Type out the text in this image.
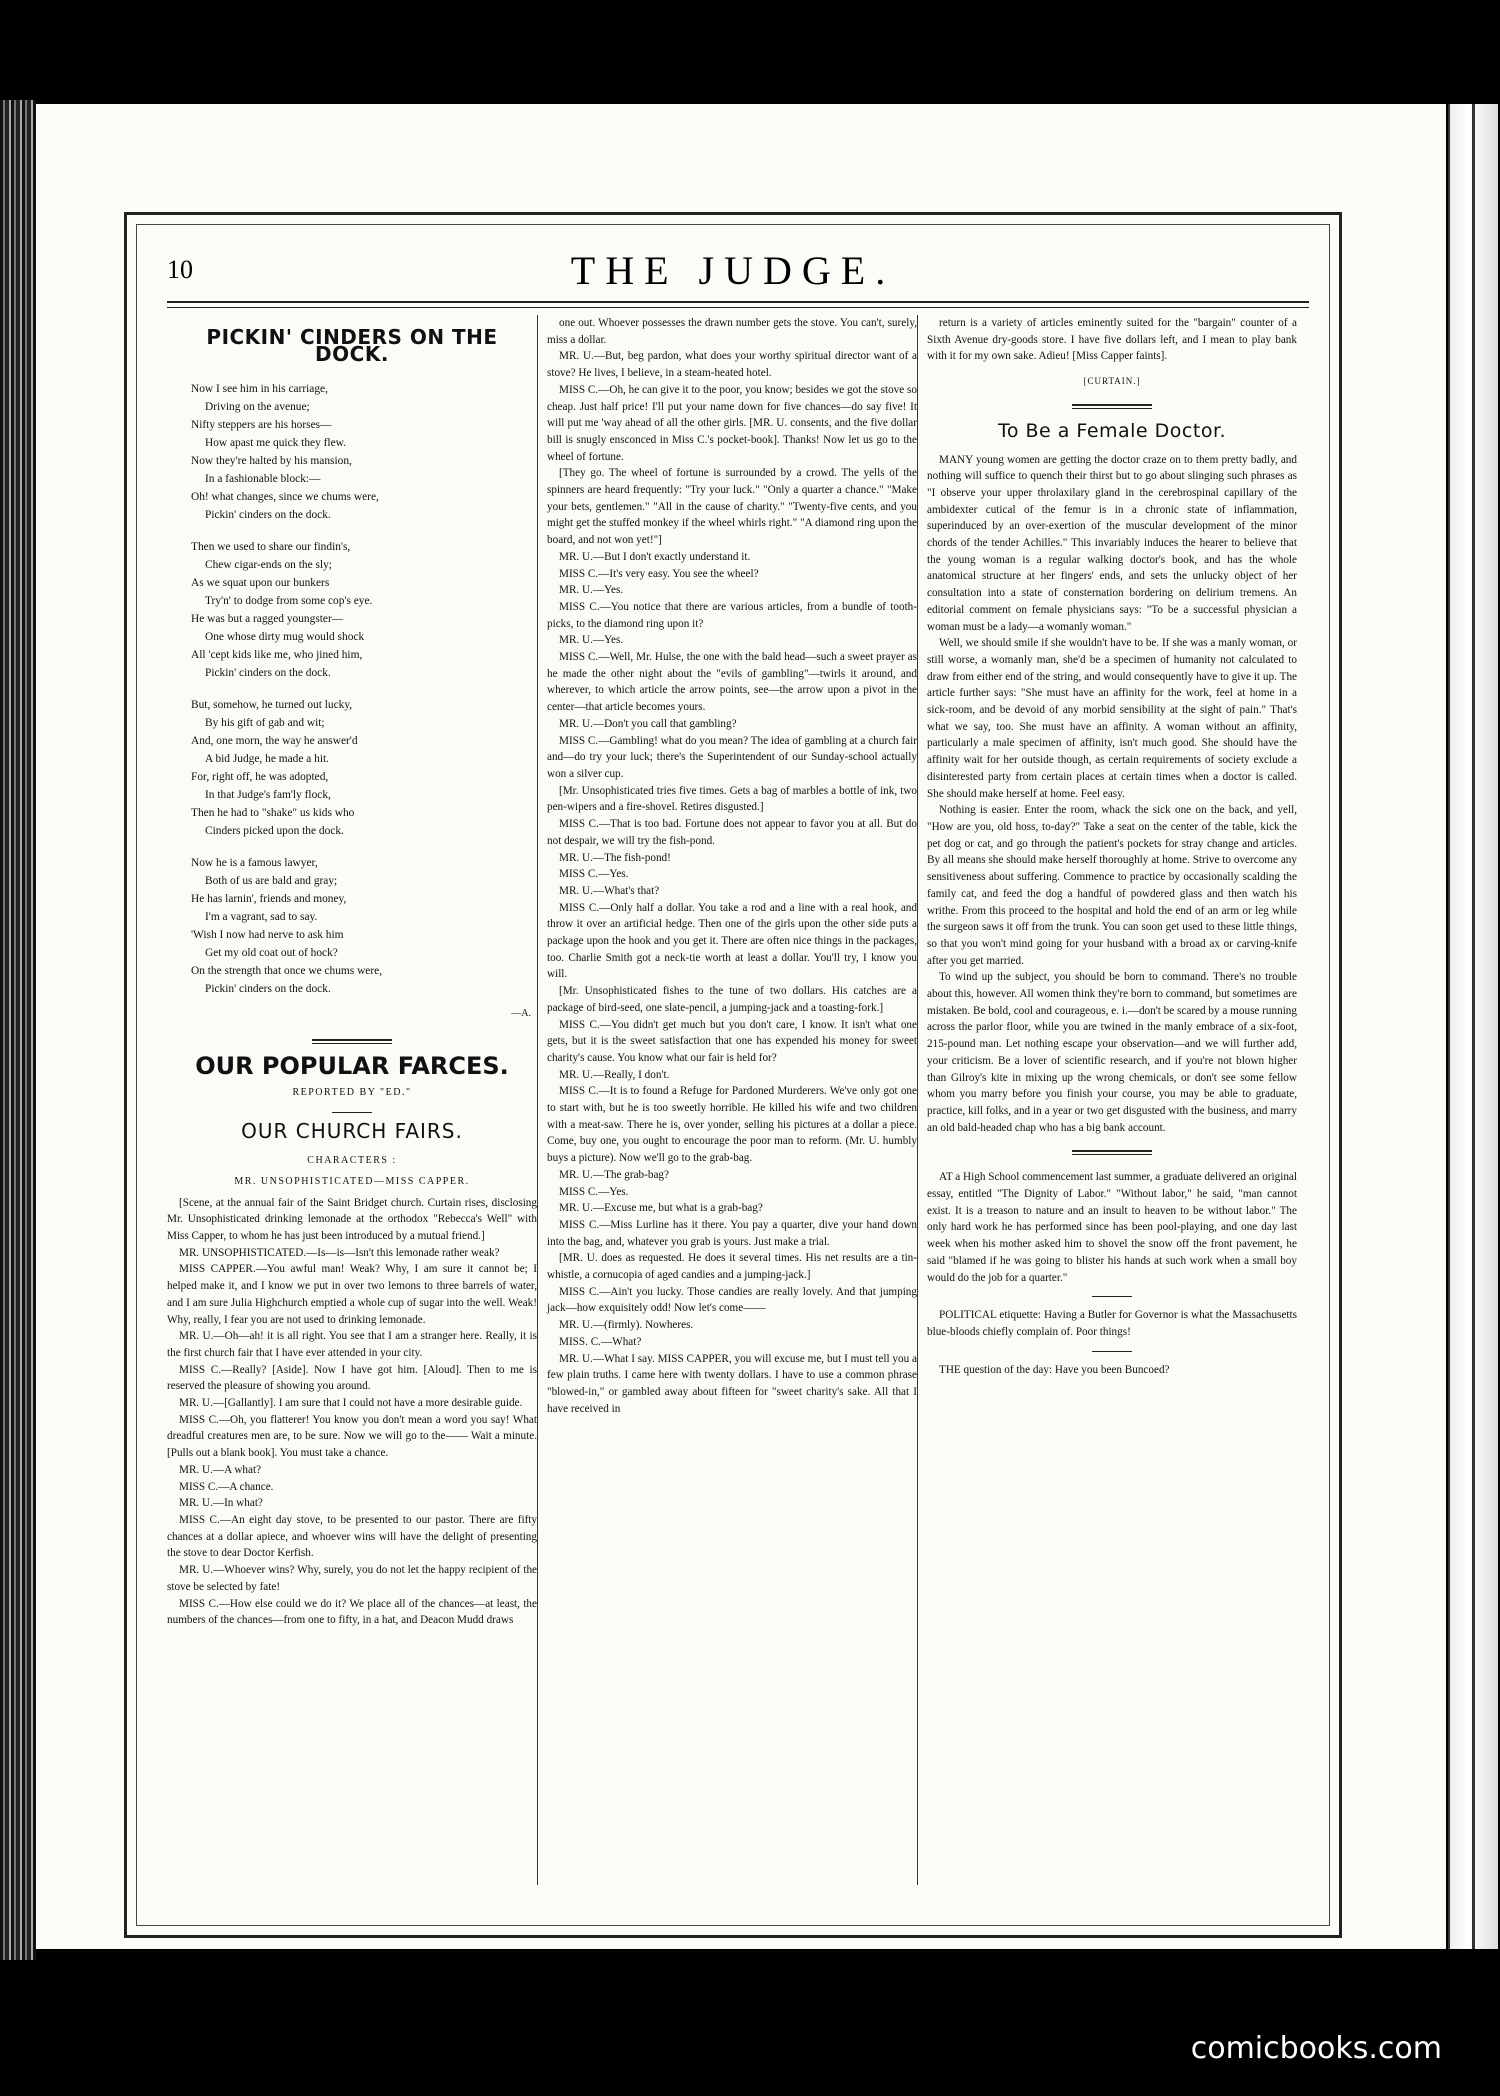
10	THE JUDGE.
PICKIN' CINDERS ON THE DOCK.
Now I see him in his carriage,
Driving on the avenue;
Nifty steppers are his horses—
How apast me quick they flew.
Now they're halted by his mansion,
In a fashionable block:—
Oh! what changes, since we chums were,
Pickin' cinders on the dock.
Then we used to share our findin's,
Chew cigar-ends on the sly;
As we squat upon our bunkers
Try'n' to dodge from some cop's eye.
He was but a ragged youngster—
One whose dirty mug would shock
All 'cept kids like me, who jined him,
Pickin' cinders on the dock.
But, somehow, he turned out lucky,
By his gift of gab and wit;
And, one morn, the way he answer'd
A bid Judge, he made a hit.
For, right off, he was adopted,
In that Judge's fam'ly flock,
Then he had to "shake" us kids who
Cinders picked upon the dock.
Now he is a famous lawyer,
Both of us are bald and gray;
He has larnin', friends and money,
I'm a vagrant, sad to say.
'Wish I now had nerve to ask him
Get my old coat out of hock?
On the strength that once we chums were,
Pickin' cinders on the dock.
—A.
OUR POPULAR FARCES.
REPORTED BY "ED."
OUR CHURCH FAIRS.
CHARACTERS :
MR. UNSOPHISTICATED—MISS CAPPER.

[Scene, at the annual fair of the Saint Bridget church. Curtain rises, disclosing Mr. Unsophisticated drinking lemonade at the orthodox "Rebecca's Well" with Miss Capper, to whom he has just been introduced by a mutual friend.]

MR. UNSOPHISTICATED.—Is—is—Isn't this lemonade rather weak?

MISS CAPPER.—You awful man! Weak? Why, I am sure it cannot be; I helped make it, and I know we put in over two lemons to three barrels of water, and I am sure Julia Highchurch emptied a whole cup of sugar into the well. Weak! Why, really, I fear you are not used to drinking lemonade.

MR. U.—Oh—ah! it is all right. You see that I am a stranger here. Really, it is the first church fair that I have ever attended in your city.

MISS C.—Really? [Aside]. Now I have got him. [Aloud]. Then to me is reserved the pleasure of showing you around.

MR. U.—[Gallantly]. I am sure that I could not have a more desirable guide.

MISS C.—Oh, you flatterer! You know you don't mean a word you say! What dreadful creatures men are, to be sure. Now we will go to the—— Wait a minute. [Pulls out a blank book]. You must take a chance.

MR. U.—A what?

MISS C.—A chance.

MR. U.—In what?

MISS C.—An eight day stove, to be presented to our pastor. There are fifty chances at a dollar apiece, and whoever wins will have the delight of presenting the stove to dear Doctor Kerfish.

MR. U.—Whoever wins? Why, surely, you do not let the happy recipient of the stove be selected by fate!

MISS C.—How else could we do it? We place all of the chances—at least, the numbers of the chances—from one to fifty, in a hat, and Deacon Mudd draws

one out. Whoever possesses the drawn number gets the stove. You can't, surely, miss a dollar.

MR. U.—But, beg pardon, what does your worthy spiritual director want of a stove? He lives, I believe, in a steam-heated hotel.

MISS C.—Oh, he can give it to the poor, you know; besides we got the stove so cheap. Just half price! I'll put your name down for five chances—do say five! It will put me 'way ahead of all the other girls. [MR. U. consents, and the five dollar bill is snugly ensconced in Miss C.'s pocket-book]. Thanks! Now let us go to the wheel of fortune.

[They go. The wheel of fortune is surrounded by a crowd. The yells of the spinners are heard frequently: "Try your luck." "Only a quarter a chance." "Make your bets, gentlemen." "All in the cause of charity." "Twenty-five cents, and you might get the stuffed monkey if the wheel whirls right." "A diamond ring upon the board, and not won yet!"]

MR. U.—But I don't exactly understand it.

MISS C.—It's very easy. You see the wheel?

MR. U.—Yes.

MISS C.—You notice that there are various articles, from a bundle of tooth-picks, to the diamond ring upon it?

MR. U.—Yes.

MISS C.—Well, Mr. Hulse, the one with the bald head—such a sweet prayer as he made the other night about the "evils of gambling"—twirls it around, and wherever, to which article the arrow points, see—the arrow upon a pivot in the center—that article becomes yours.

MR. U.—Don't you call that gambling?

MISS C.—Gambling! what do you mean? The idea of gambling at a church fair and—do try your luck; there's the Superintendent of our Sunday-school actually won a silver cup.

[Mr. Unsophisticated tries five times. Gets a bag of marbles a bottle of ink, two pen-wipers and a fire-shovel. Retires disgusted.]

MISS C.—That is too bad. Fortune does not appear to favor you at all. But do not despair, we will try the fish-pond.

MR. U.—The fish-pond!

MISS C.—Yes.

MR. U.—What's that?

MISS C.—Only half a dollar. You take a rod and a line with a real hook, and throw it over an artificial hedge. Then one of the girls upon the other side puts a package upon the hook and you get it. There are often nice things in the packages, too. Charlie Smith got a neck-tie worth at least a dollar. You'll try, I know you will.

[Mr. Unsophisticated fishes to the tune of two dollars. His catches are a package of bird-seed, one slate-pencil, a jumping-jack and a toasting-fork.]

MISS C.—You didn't get much but you don't care, I know. It isn't what one gets, but it is the sweet satisfaction that one has expended his money for sweet charity's cause. You know what our fair is held for?

MR. U.—Really, I don't.

MISS C.—It is to found a Refuge for Pardoned Murderers. We've only got one to start with, but he is too sweetly horrible. He killed his wife and two children with a meat-saw. There he is, over yonder, selling his pictures at a dollar a piece. Come, buy one, you ought to encourage the poor man to reform. (Mr. U. humbly buys a picture). Now we'll go to the grab-bag.

MR. U.—The grab-bag?

MISS C.—Yes.

MR. U.—Excuse me, but what is a grab-bag?

MISS C.—Miss Lurline has it there. You pay a quarter, dive your hand down into the bag, and, whatever you grab is yours. Just make a trial.

[MR. U. does as requested. He does it several times. His net results are a tin-whistle, a cornucopia of aged candies and a jumping-jack.]

MISS C.—Ain't you lucky. Those candies are really lovely. And that jumping jack—how exquisitely odd! Now let's come——

MR. U.—(firmly). Nowheres.

MISS. C.—What?

MR. U.—What I say. MISS CAPPER, you will excuse me, but I must tell you a few plain truths. I came here with twenty dollars. I have to use a common phrase "blowed-in," or gambled away about fifteen for "sweet charity's sake. All that I have received in

return is a variety of articles eminently suited for the "bargain" counter of a Sixth Avenue dry-goods store. I have five dollars left, and I mean to play bank with it for my own sake. Adieu! [Miss Capper faints].

[CURTAIN.]
To Be a Female Doctor.

MANY young women are getting the doctor craze on to them pretty badly, and nothing will suffice to quench their thirst but to go about slinging such phrases as "I observe your upper throlaxilary gland in the cerebrospinal capillary of the ambidexter cutical of the femur is in a chronic state of inflammation, superinduced by an over-exertion of the muscular development of the minor chords of the tender Achilles." This invariably induces the hearer to believe that the young woman is a regular walking doctor's book, and has the whole anatomical structure at her fingers' ends, and sets the unlucky object of her consultation into a state of consternation bordering on delirium tremens. An editorial comment on female physicians says: "To be a successful physician a woman must be a lady—a womanly woman."

Well, we should smile if she wouldn't have to be. If she was a manly woman, or still worse, a womanly man, she'd be a specimen of humanity not calculated to draw from either end of the string, and would consequently have to give it up. The article further says: "She must have an affinity for the work, feel at home in a sick-room, and be devoid of any morbid sensibility at the sight of pain." That's what we say, too. She must have an affinity. A woman without an affinity, particularly a male specimen of affinity, isn't much good. She should have the affinity wait for her outside though, as certain requirements of society exclude a disinterested party from certain places at certain times when a doctor is called. She should make herself at home. Feel easy.

Nothing is easier. Enter the room, whack the sick one on the back, and yell, "How are you, old hoss, to-day?" Take a seat on the center of the table, kick the pet dog or cat, and go through the patient's pockets for stray change and articles. By all means she should make herself thoroughly at home. Strive to overcome any sensitiveness about suffering. Commence to practice by occasionally scalding the family cat, and feed the dog a handful of powdered glass and then watch his writhe. From this proceed to the hospital and hold the end of an arm or leg while the surgeon saws it off from the trunk. You can soon get used to these little things, so that you won't mind going for your husband with a broad ax or carving-knife after you get married.

To wind up the subject, you should be born to command. There's no trouble about this, however. All women think they're born to command, but sometimes are mistaken. Be bold, cool and courageous, e. i.—don't be scared by a mouse running across the parlor floor, while you are twined in the manly embrace of a six-foot, 215-pound man. Let nothing escape your observation—and we will further add, your criticism. Be a lover of scientific research, and if you're not blown higher than Gilroy's kite in mixing up the wrong chemicals, or don't see some fellow whom you marry before you finish your course, you may be able to graduate, practice, kill folks, and in a year or two get disgusted with the business, and marry an old bald-headed chap who has a big bank account.

AT a High School commencement last summer, a graduate delivered an original essay, entitled "The Dignity of Labor." "Without labor," he said, "man cannot exist. It is a treason to nature and an insult to heaven to be without labor." The only hard work he has performed since has been pool-playing, and one day last week when his mother asked him to shovel the snow off the front pavement, he said "blamed if he was going to blister his hands at such work when a small boy would do the job for a quarter."

POLITICAL etiquette: Having a Butler for Governor is what the Massachusetts blue-bloods chiefly complain of. Poor things!

THE question of the day: Have you been Buncoed?

comicbooks.com
